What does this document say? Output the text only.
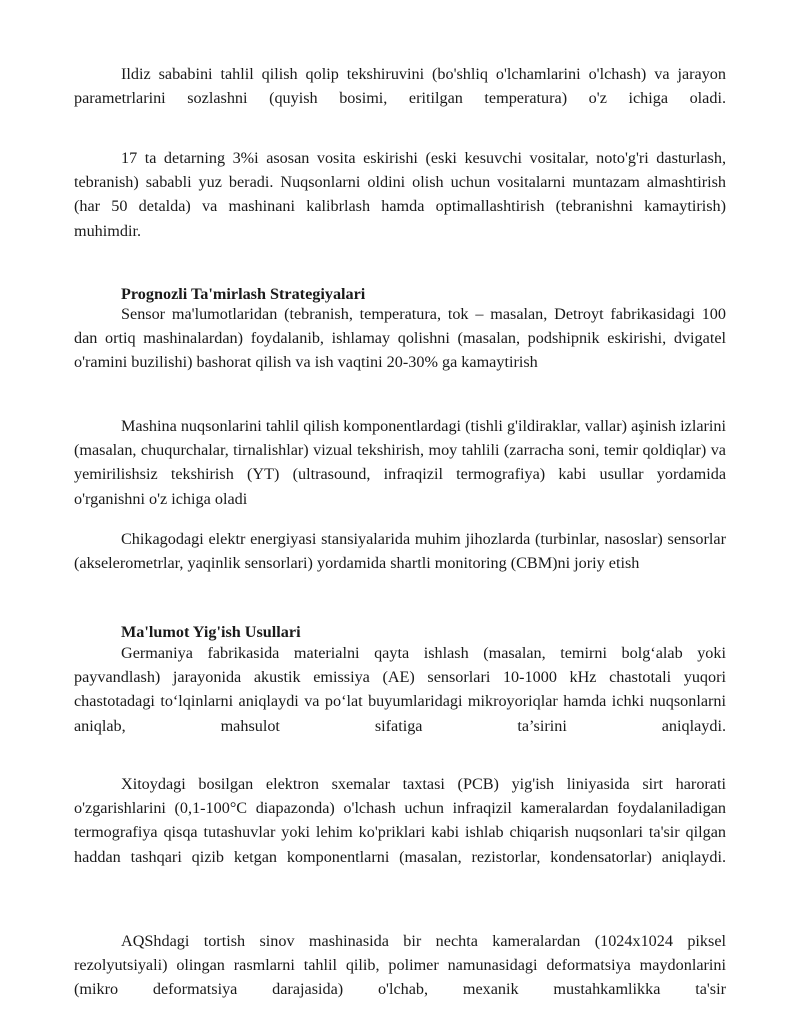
Ildiz sababini tahlil qilish qolip tekshiruvini (bo'shliq o'lchamlarini o'lchash) va jarayon parametrlarini sozlashni (quyish bosimi, eritilgan temperatura) o'z ichiga oladi.

17 ta detarning 3%i asosan vosita eskirishi (eski kesuvchi vositalar, noto'g'ri dasturlash, tebranish) sababli yuz beradi. Nuqsonlarni oldini olish uchun vositalarni muntazam almashtirish (har 50 detalda) va mashinani kalibrlash hamda optimallashtirish (tebranishni kamaytirish) muhimdir.

Prognozli Ta'mirlash Strategiyalari

Sensor ma'lumotlaridan (tebranish, temperatura, tok – masalan, Detroyt fabrikasidagi 100 dan ortiq mashinalardan) foydalanib, ishlamay qolishni (masalan, podshipnik eskirishi, dvigatel o'ramini buzilishi) bashorat qilish va ish vaqtini 20-30% ga kamaytirish

Mashina nuqsonlarini tahlil qilish komponentlardagi (tishli g'ildiraklar, vallar) aşinish izlarini (masalan, chuqurchalar, tirnalishlar) vizual tekshirish, moy tahlili (zarracha soni, temir qoldiqlar) va yemirilishsiz tekshirish (YT) (ultrasound, infraqizil termografiya) kabi usullar yordamida o'rganishni o'z ichiga oladi

Chikagodagi elektr energiyasi stansiyalarida muhim jihozlarda (turbinlar, nasoslar) sensorlar (akselerometrlar, yaqinlik sensorlari) yordamida shartli monitoring (CBM)ni joriy etish

Ma'lumot Yig'ish Usullari

Germaniya fabrikasida materialni qayta ishlash (masalan, temirni bolg‘alab yoki payvandlash) jarayonida akustik emissiya (AE) sensorlari 10-1000 kHz chastotali yuqori chastotadagi to‘lqinlarni aniqlaydi va po‘lat buyumlaridagi mikroyoriqlar hamda ichki nuqsonlarni aniqlab, mahsulot sifatiga ta’sirini aniqlaydi.

Xitoydagi bosilgan elektron sxemalar taxtasi (PCB) yig'ish liniyasida sirt harorati o'zgarishlarini (0,1-100°C diapazonda) o'lchash uchun infraqizil kameralardan foydalaniladigan termografiya qisqa tutashuvlar yoki lehim ko'priklari kabi ishlab chiqarish nuqsonlari ta'sir qilgan haddan tashqari qizib ketgan komponentlarni (masalan, rezistorlar, kondensatorlar) aniqlaydi.

AQShdagi tortish sinov mashinasida bir nechta kameralardan (1024x1024 piksel rezolyutsiyali) olingan rasmlarni tahlil qilib, polimer namunasidagi deformatsiya maydonlarini (mikro deformatsiya darajasida) o'lchab, mexanik mustahkamlikka ta'sir
